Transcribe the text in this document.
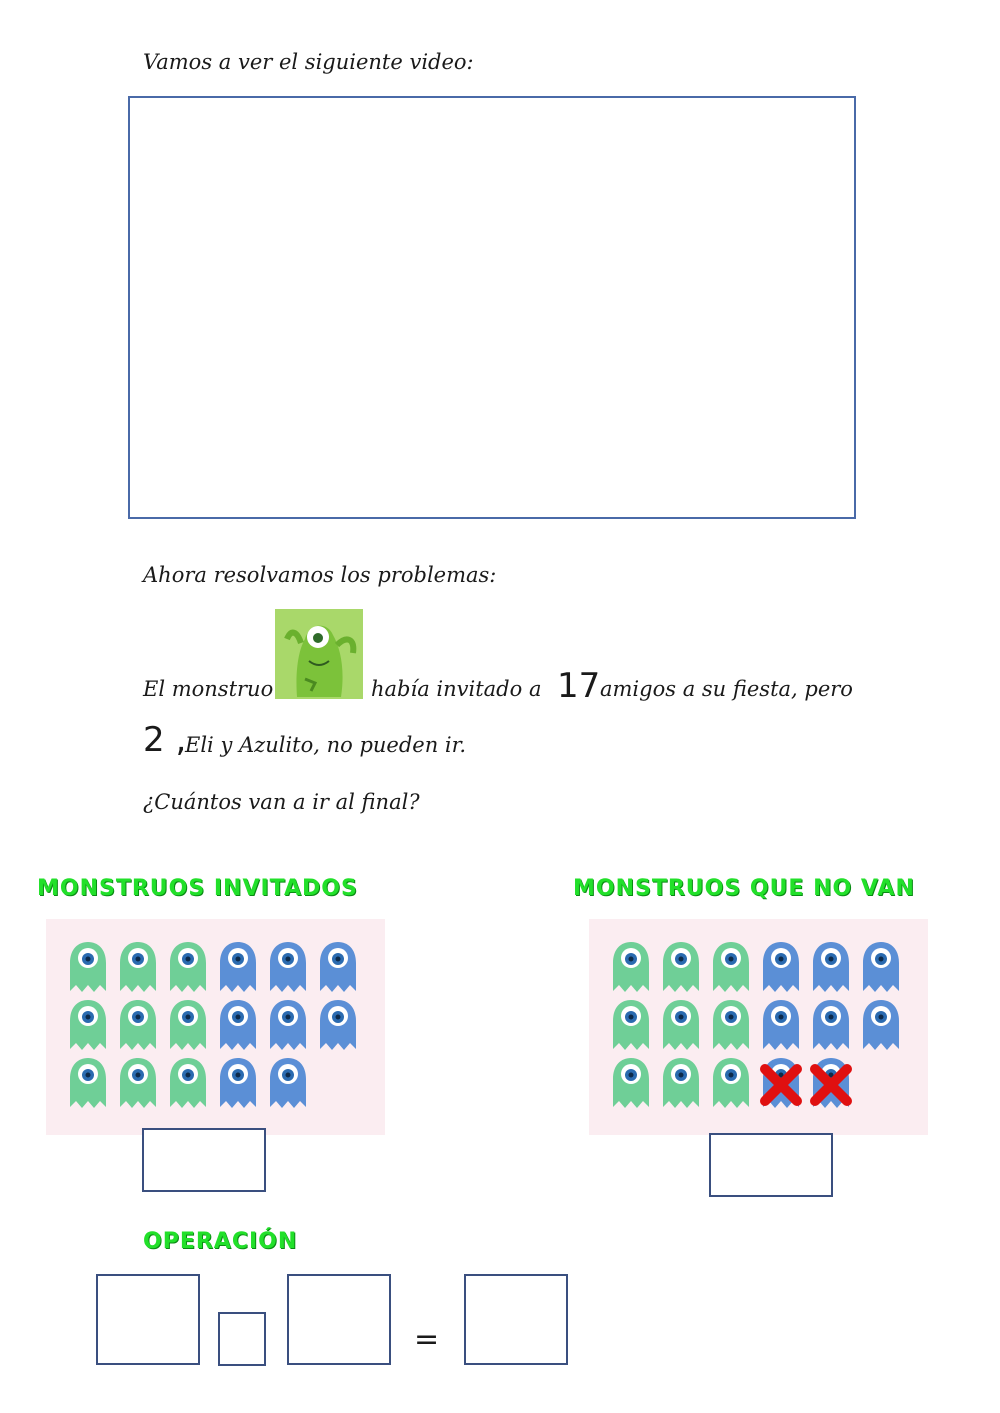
Vamos a ver el siguiente video:
Ahora resolvamos los problemas:
El monstruo	había invitado a 17 amigos a su fiesta, pero
2 ,
Eli y Azulito, no pueden ir.
¿Cuántos van a ir al final?
MONSTRUOS INVITADOS	MONSTRUOS QUE NO VAN
OPERACIÓN
=
